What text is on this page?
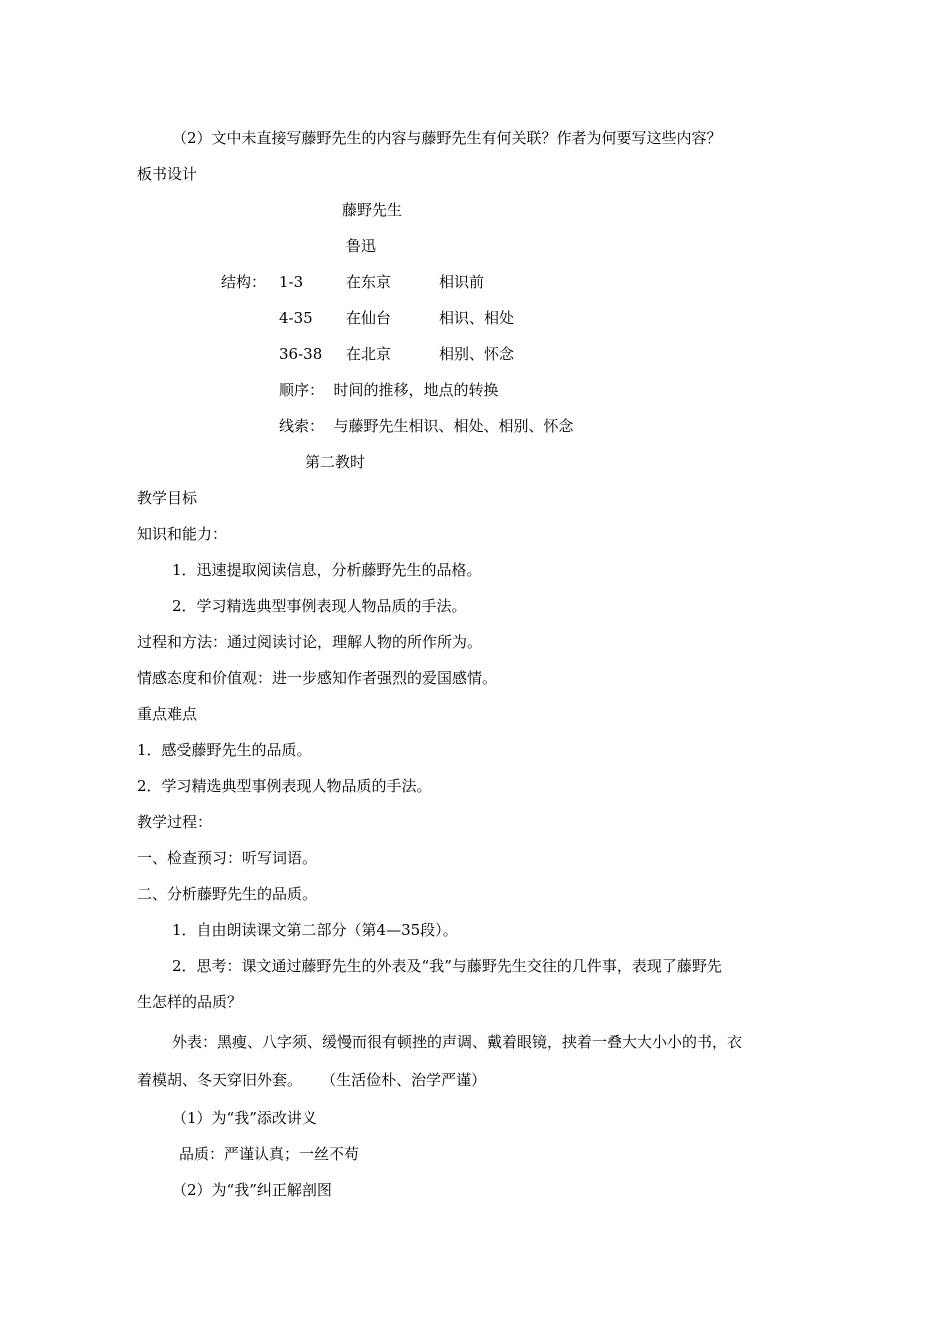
（2）文中未直接写藤野先生的内容与藤野先生有何关联？作者为何要写这些内容？
板书设计
藤野先生
鲁迅
结构： 1-3	在东京	相识前
4-35 在仙台	相识、相处
36-38 在北京	相别、怀念
顺序：  时间的推移，地点的转换
线索：  与藤野先生相识、相处、相别、怀念
第二教时
教学目标
知识和能力：
1．迅速提取阅读信息，分析藤野先生的品格。
2．学习精选典型事例表现人物品质的手法。
过程和方法：通过阅读讨论，理解人物的所作所为。
情感态度和价值观：进一步感知作者强烈的爱国感情。
重点难点
1．感受藤野先生的品质。
2．学习精选典型事例表现人物品质的手法。
教学过程：
一、检查预习：听写词语。
二、分析藤野先生的品质。
1．自由朗读课文第二部分（第4—35段）。
2．思考：课文通过藤野先生的外表及“我”与藤野先生交往的几件事，表现了藤野先
生怎样的品质？
外表：黑瘦、八字须、缓慢而很有顿挫的声调、戴着眼镜，挟着一叠大大小小的书，衣
着模胡、冬天穿旧外套。    （生活俭朴、治学严谨）
（1）为“我”添改讲义
品质：严谨认真；一丝不苟
（2）为“我”纠正解剖图
